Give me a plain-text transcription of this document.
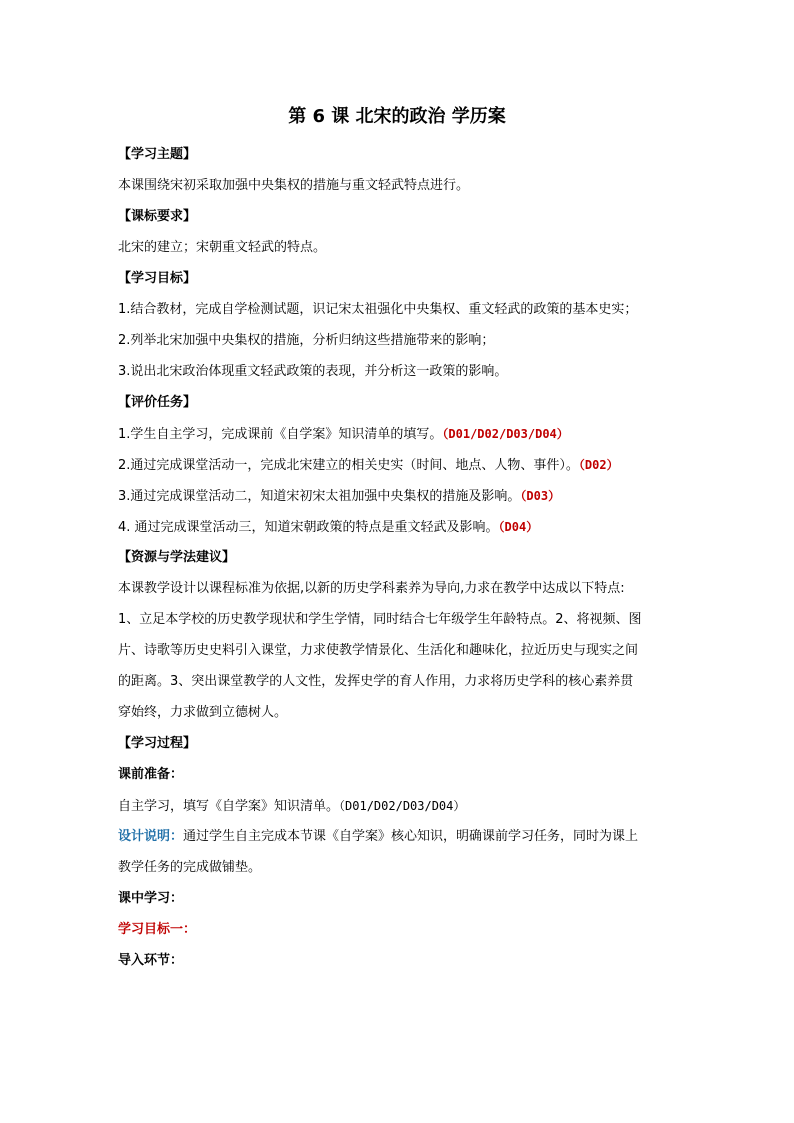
第 6 课 北宋的政治 学历案
【学习主题】
本课围绕宋初采取加强中央集权的措施与重文轻武特点进行。
【课标要求】
北宋的建立；宋朝重文轻武的特点。
【学习目标】
1.结合教材，完成自学检测试题，识记宋太祖强化中央集权、重文轻武的政策的基本史实；
2.列举北宋加强中央集权的措施，分析归纳这些措施带来的影响；
3.说出北宋政治体现重文轻武政策的表现，并分析这一政策的影响。
【评价任务】
1.学生自主学习，完成课前《自学案》知识清单的填写。（D01/D02/D03/D04）
2.通过完成课堂活动一，完成北宋建立的相关史实（时间、地点、人物、事件）。（D02）
3.通过完成课堂活动二，知道宋初宋太祖加强中央集权的措施及影响。（D03）
4. 通过完成课堂活动三，知道宋朝政策的特点是重文轻武及影响。（D04）
【资源与学法建议】
本课教学设计以课程标准为依据,以新的历史学科素养为导向,力求在教学中达成以下特点:
1、立足本学校的历史教学现状和学生学情，同时结合七年级学生年龄特点。2、将视频、图
片、诗歌等历史史料引入课堂，力求使教学情景化、生活化和趣味化，拉近历史与现实之间
的距离。3、突出课堂教学的人文性，发挥史学的育人作用，力求将历史学科的核心素养贯
穿始终，力求做到立德树人。
【学习过程】
课前准备：
自主学习，填写《自学案》知识清单。（D01/D02/D03/D04）
设计说明：通过学生自主完成本节课《自学案》核心知识，明确课前学习任务，同时为课上
教学任务的完成做铺垫。
课中学习：
学习目标一：
导入环节：
